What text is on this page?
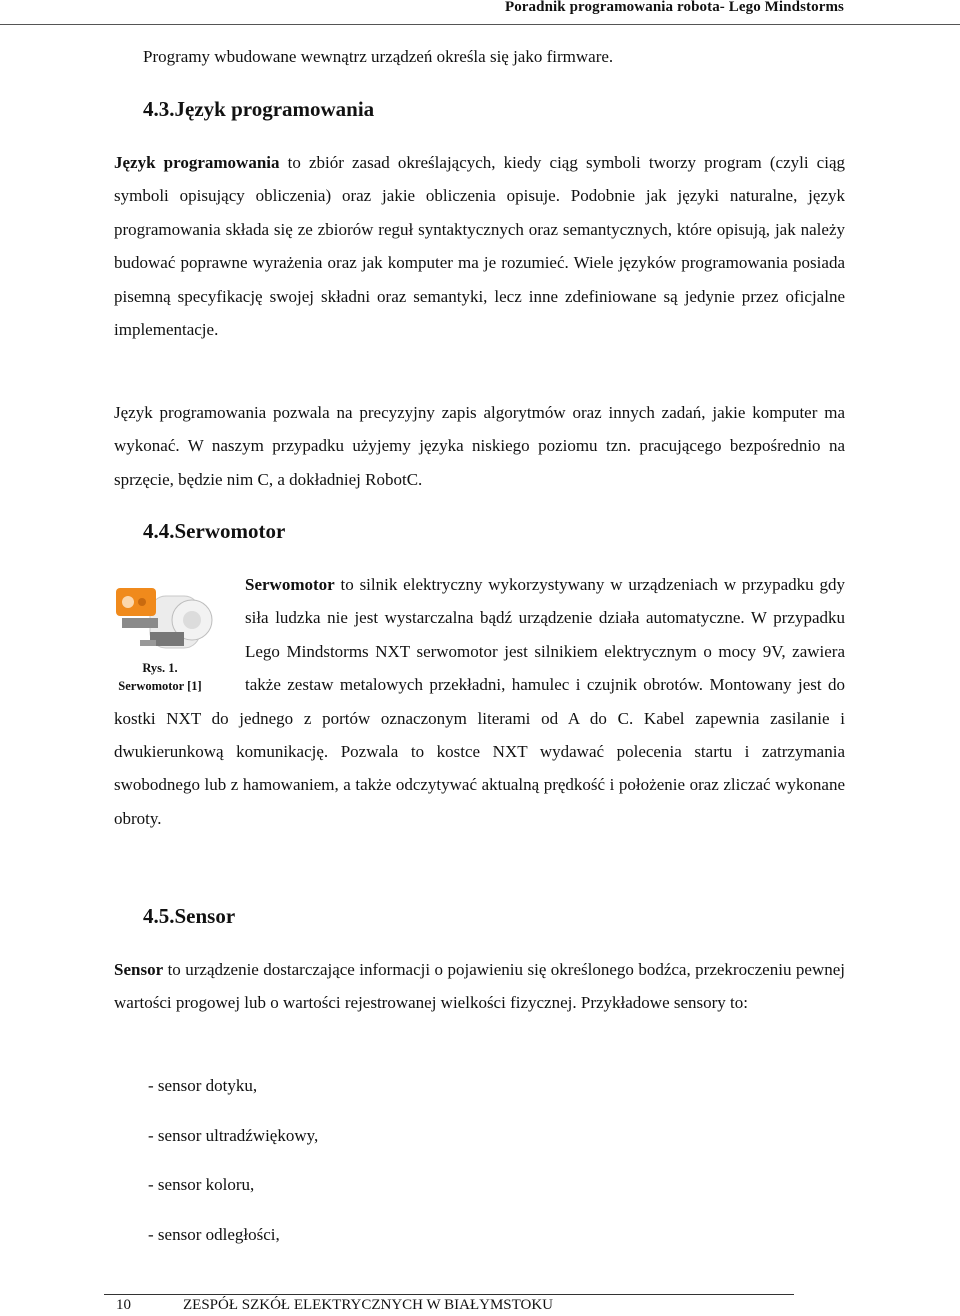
Poradnik programowania robota- Lego Mindstorms

Programy wbudowane wewnątrz urządzeń określa się jako firmware.

4.3.Język programowania

Język programowania to zbiór zasad określających, kiedy ciąg symboli tworzy program (czyli ciąg symboli opisujący obliczenia) oraz jakie obliczenia opisuje. Podobnie jak języki naturalne, język programowania składa się ze zbiorów reguł syntaktycznych oraz semantycznych, które opisują, jak należy budować poprawne wyrażenia oraz jak komputer ma je rozumieć. Wiele języków programowania posiada pisemną specyfikację swojej składni oraz semantyki, lecz inne zdefiniowane są jedynie przez oficjalne implementacje.

Język programowania pozwala na precyzyjny zapis algorytmów oraz innych zadań, jakie komputer ma wykonać. W naszym przypadku użyjemy języka niskiego poziomu tzn. pracującego bezpośrednio na sprzęcie, będzie nim C, a dokładniej RobotC.

4.4.Serwomotor
Rys. 1. Serwomotor [1]
Serwomotor to silnik elektryczny wykorzystywany w urządzeniach w przypadku gdy siła ludzka nie jest wystarczalna bądź urządzenie działa automatyczne. W przypadku Lego Mindstorms NXT serwomotor jest silnikiem elektrycznym o mocy 9V, zawiera także zestaw metalowych przekładni, hamulec i czujnik obrotów. Montowany jest do kostki NXT do jednego z portów oznaczonym literami od A do C. Kabel zapewnia zasilanie i dwukierunkową komunikację. Pozwala to kostce NXT wydawać polecenia startu i zatrzymania swobodnego lub z hamowaniem, a także odczytywać aktualną prędkość i położenie oraz zliczać wykonane obroty.
4.5.Sensor

Sensor to urządzenie dostarczające informacji o pojawieniu się określonego bodźca, przekroczeniu pewnej wartości progowej lub o wartości rejestrowanej wielkości fizycznej. Przykładowe sensory to:

- sensor dotyku,
- sensor ultradźwiękowy,
- sensor koloru,
- sensor odległości,
10	ZESPÓŁ SZKÓŁ ELEKTRYCZNYCH W BIAŁYMSTOKU
